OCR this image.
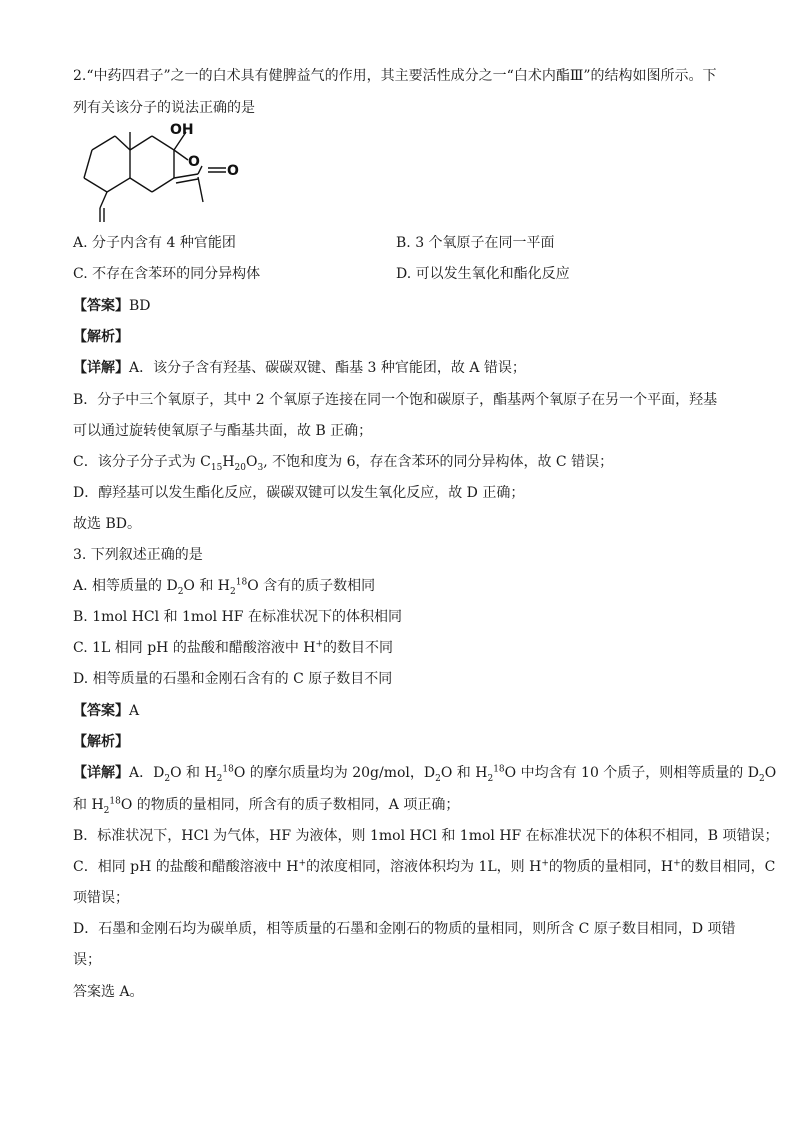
2.“中药四君子”之一的白术具有健脾益气的作用，其主要活性成分之一“白术内酯Ⅲ”的结构如图所示。下
列有关该分子的说法正确的是
OH
O
O
A. 分子内含有 4 种官能团	B. 3 个氧原子在同一平面
C. 不存在含苯环的同分异构体	D. 可以发生氧化和酯化反应
【答案】BD
【解析】
【详解】A．该分子含有羟基、碳碳双键、酯基 3 种官能团，故 A 错误；
B．分子中三个氧原子，其中 2 个氧原子连接在同一个饱和碳原子，酯基两个氧原子在另一个平面，羟基
可以通过旋转使氧原子与酯基共面，故 B 正确；
C．该分子分子式为 $C_{15}H_{20}O_3$, 不饱和度为 6，存在含苯环的同分异构体，故 C 错误；
D．醇羟基可以发生酯化反应，碳碳双键可以发生氧化反应，故 D 正确；
故选 BD。
3. 下列叙述正确的是
A. 相等质量的 $D_2O$ 和 $H_2^{18}O$ 含有的质子数相同
B. 1mol HCl 和 1mol HF 在标准状况下的体积相同
C. 1L 相同 pH 的盐酸和醋酸溶液中 H+的数目不同
D. 相等质量的石墨和金刚石含有的 C 原子数目不同
【答案】A
【解析】
【详解】A．$D_2O$ 和 $H_2^{18}O$ 的摩尔质量均为 20g/mol，$D_2O$ 和 $H_2^{18}O$ 中均含有 10 个质子，则相等质量的 $D_2O$
和 $H_2^{18}O$ 的物质的量相同，所含有的质子数相同，A 项正确；
B．标准状况下，HCl 为气体，HF 为液体，则 1mol HCl 和 1mol HF 在标准状况下的体积不相同，B 项错误；
C．相同 pH 的盐酸和醋酸溶液中 H+的浓度相同，溶液体积均为 1L，则 H+的物质的量相同，H+的数目相同，C
项错误；
D．石墨和金刚石均为碳单质，相等质量的石墨和金刚石的物质的量相同，则所含 C 原子数目相同，D 项错
误；
答案选 A。
